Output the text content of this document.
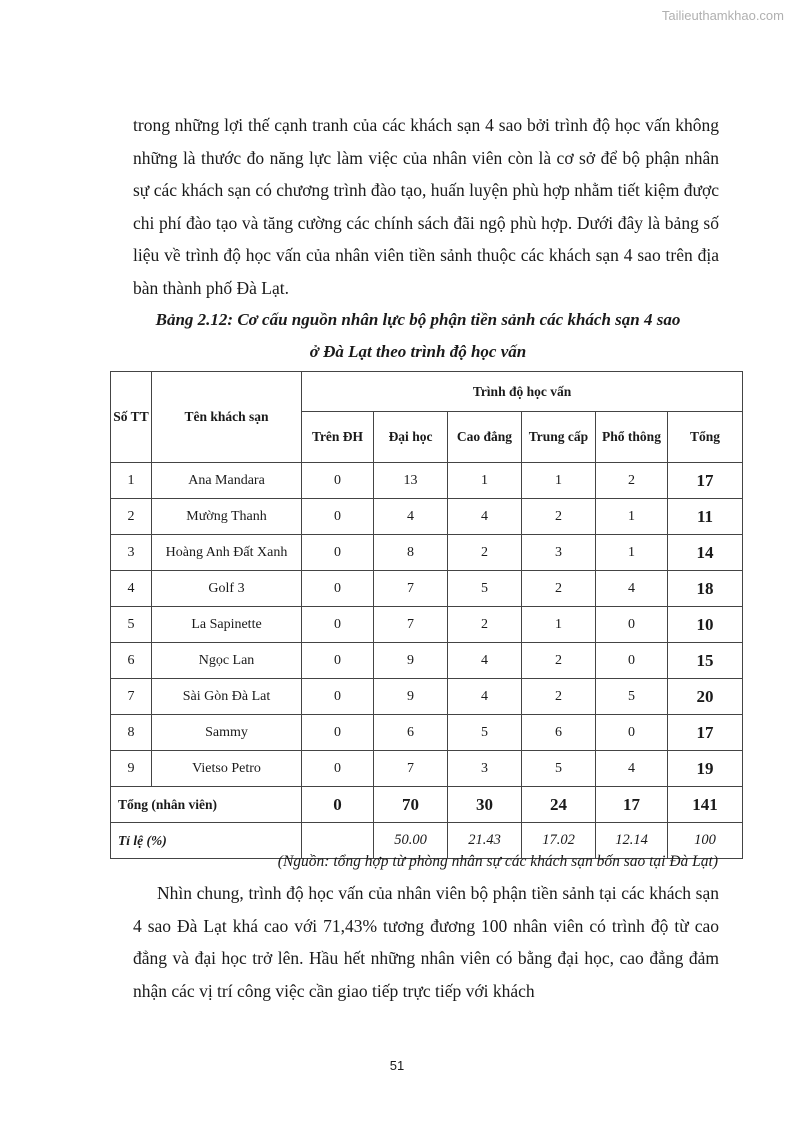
Tailieuthamkhao.com

trong những lợi thế cạnh tranh của các khách sạn 4 sao bởi trình độ học vấn không những là thước đo năng lực làm việc của nhân viên còn là cơ sở để bộ phận nhân sự các khách sạn có chương trình đào tạo, huấn luyện phù hợp nhằm tiết kiệm được chi phí đào tạo và tăng cường các chính sách đãi ngộ phù hợp. Dưới đây là bảng số liệu về trình độ học vấn của nhân viên tiền sảnh thuộc các khách sạn 4 sao trên địa bàn thành phố Đà Lạt.

Bảng 2.12: Cơ cấu nguồn nhân lực bộ phận tiền sảnh các khách sạn 4 sao
ở Đà Lạt theo trình độ học vấn
Số TT	Tên khách sạn	Trình độ học vấn					
		Trên ĐH	Đại học	Cao đẳng	Trung cấp	Phổ thông	Tổng
1	Ana Mandara	0	13	1	1	2	17
2	Mường Thanh	0	4	4	2	1	11
3	Hoàng Anh Đất Xanh	0	8	2	3	1	14
4	Golf 3	0	7	5	2	4	18
5	La Sapinette	0	7	2	1	0	10
6	Ngọc Lan	0	9	4	2	0	15
7	Sài Gòn Đà Lat	0	9	4	2	5	20
8	Sammy	0	6	5	6	0	17
9	Vietso Petro	0	7	3	5	4	19
Tổng (nhân viên)		0	70	30	24	17	141
Tỉ lệ (%)			50.00	21.43	17.02	12.14	100

(Nguồn: tổng hợp từ phòng nhân sự các khách sạn bốn sao tại Đà Lạt)

Nhìn chung, trình độ học vấn của nhân viên bộ phận tiền sảnh tại các khách sạn 4 sao Đà Lạt khá cao với 71,43% tương đương 100 nhân viên có trình độ từ cao đẳng và đại học trở lên. Hầu hết những nhân viên có bằng đại học, cao đẳng đảm nhận các vị trí công việc cần giao tiếp trực tiếp với khách

51
